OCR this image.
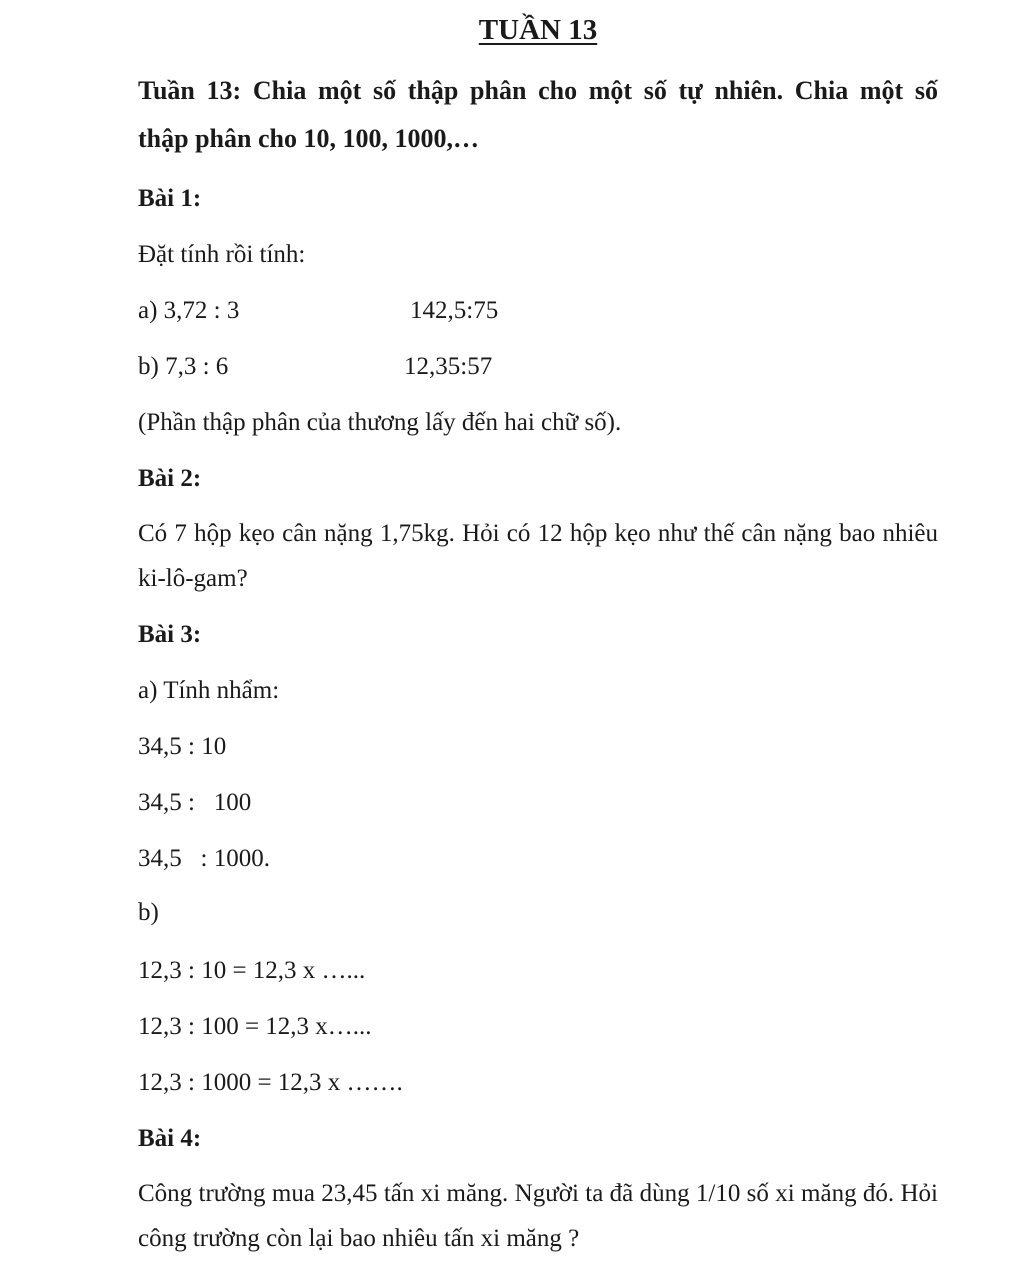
TUẦN 13
Tuần 13: Chia một số thập phân cho một số tự nhiên. Chia một số
thập phân cho 10, 100, 1000,…
Bài 1:
Đặt tính rồi tính:
a) 3,72 : 3	142,5:75
b) 7,3 : 6	12,35:57
(Phần thập phân của thương lấy đến hai chữ số).
Bài 2:
Có 7 hộp kẹo cân nặng 1,75kg. Hỏi có 12 hộp kẹo như thế cân nặng bao nhiêu
ki-lô-gam?
Bài 3:
a) Tính nhẩm:
34,5 : 10
34,5 :   100
34,5   : 1000.
b)
12,3 : 10 = 12,3 x …...
12,3 : 100 = 12,3 x…...
12,3 : 1000 = 12,3 x …….
Bài 4:
Công trường mua 23,45 tấn xi măng. Người ta đã dùng 1/10 số xi măng đó. Hỏi
công trường còn lại bao nhiêu tấn xi măng ?
